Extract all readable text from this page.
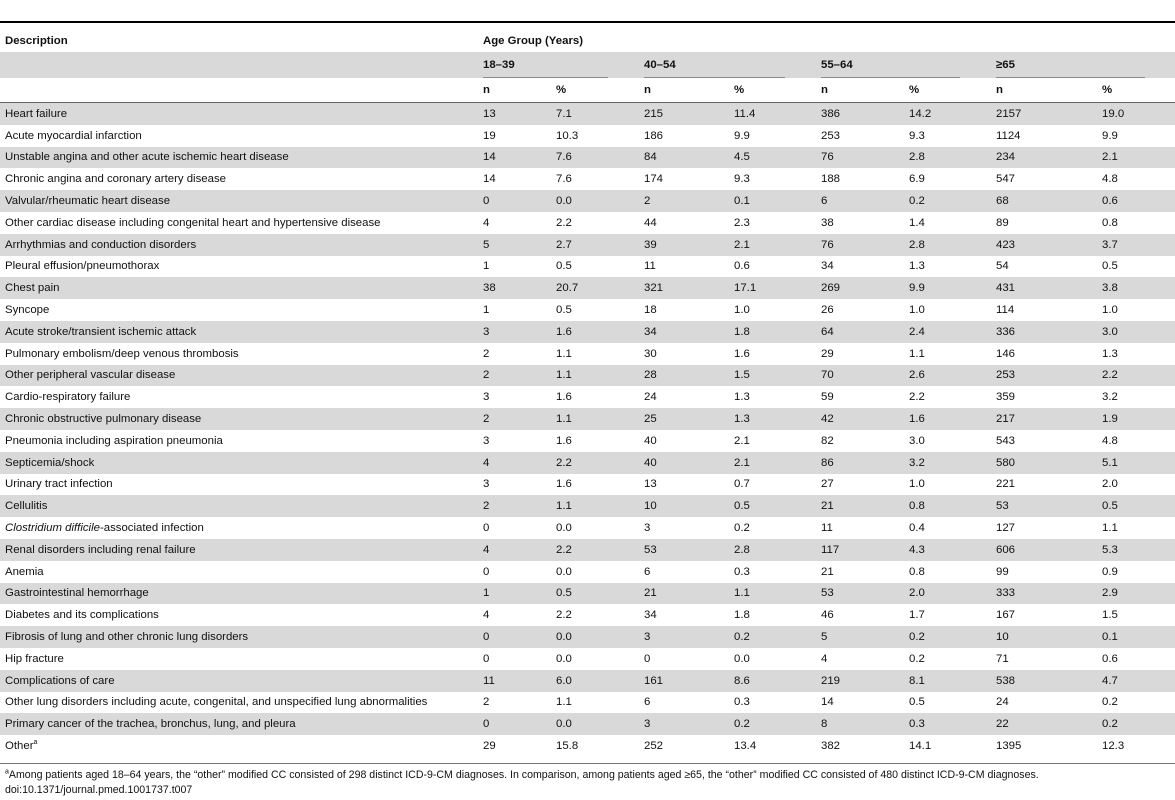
Description	Age Group (Years)							
	18–39		40–54		55–64		≥65	
	n	%	n	%	n	%	n	%
Heart failure	13	7.1	215	11.4	386	14.2	2157	19.0
Acute myocardial infarction	19	10.3	186	9.9	253	9.3	1124	9.9
Unstable angina and other acute ischemic heart disease	14	7.6	84	4.5	76	2.8	234	2.1
Chronic angina and coronary artery disease	14	7.6	174	9.3	188	6.9	547	4.8
Valvular/rheumatic heart disease	0	0.0	2	0.1	6	0.2	68	0.6
Other cardiac disease including congenital heart and hypertensive disease	4	2.2	44	2.3	38	1.4	89	0.8
Arrhythmias and conduction disorders	5	2.7	39	2.1	76	2.8	423	3.7
Pleural effusion/pneumothorax	1	0.5	11	0.6	34	1.3	54	0.5
Chest pain	38	20.7	321	17.1	269	9.9	431	3.8
Syncope	1	0.5	18	1.0	26	1.0	114	1.0
Acute stroke/transient ischemic attack	3	1.6	34	1.8	64	2.4	336	3.0
Pulmonary embolism/deep venous thrombosis	2	1.1	30	1.6	29	1.1	146	1.3
Other peripheral vascular disease	2	1.1	28	1.5	70	2.6	253	2.2
Cardio-respiratory failure	3	1.6	24	1.3	59	2.2	359	3.2
Chronic obstructive pulmonary disease	2	1.1	25	1.3	42	1.6	217	1.9
Pneumonia including aspiration pneumonia	3	1.6	40	2.1	82	3.0	543	4.8
Septicemia/shock	4	2.2	40	2.1	86	3.2	580	5.1
Urinary tract infection	3	1.6	13	0.7	27	1.0	221	2.0
Cellulitis	2	1.1	10	0.5	21	0.8	53	0.5
Clostridium difficile-associated infection	0	0.0	3	0.2	11	0.4	127	1.1
Renal disorders including renal failure	4	2.2	53	2.8	117	4.3	606	5.3
Anemia	0	0.0	6	0.3	21	0.8	99	0.9
Gastrointestinal hemorrhage	1	0.5	21	1.1	53	2.0	333	2.9
Diabetes and its complications	4	2.2	34	1.8	46	1.7	167	1.5
Fibrosis of lung and other chronic lung disorders	0	0.0	3	0.2	5	0.2	10	0.1
Hip fracture	0	0.0	0	0.0	4	0.2	71	0.6
Complications of care	11	6.0	161	8.6	219	8.1	538	4.7
Other lung disorders including acute, congenital, and unspecified lung abnormalities	2	1.1	6	0.3	14	0.5	24	0.2
Primary cancer of the trachea, bronchus, lung, and pleura	0	0.0	3	0.2	8	0.3	22	0.2
Other$^a$	29	15.8	252	13.4	382	14.1	1395	12.3

$^a$Among patients aged 18–64 years, the “other” modified CC consisted of 298 distinct ICD-9-CM diagnoses. In comparison, among patients aged ≥65, the “other” modified CC consisted of 480 distinct ICD-9-CM diagnoses.

doi:10.1371/journal.pmed.1001737.t007
